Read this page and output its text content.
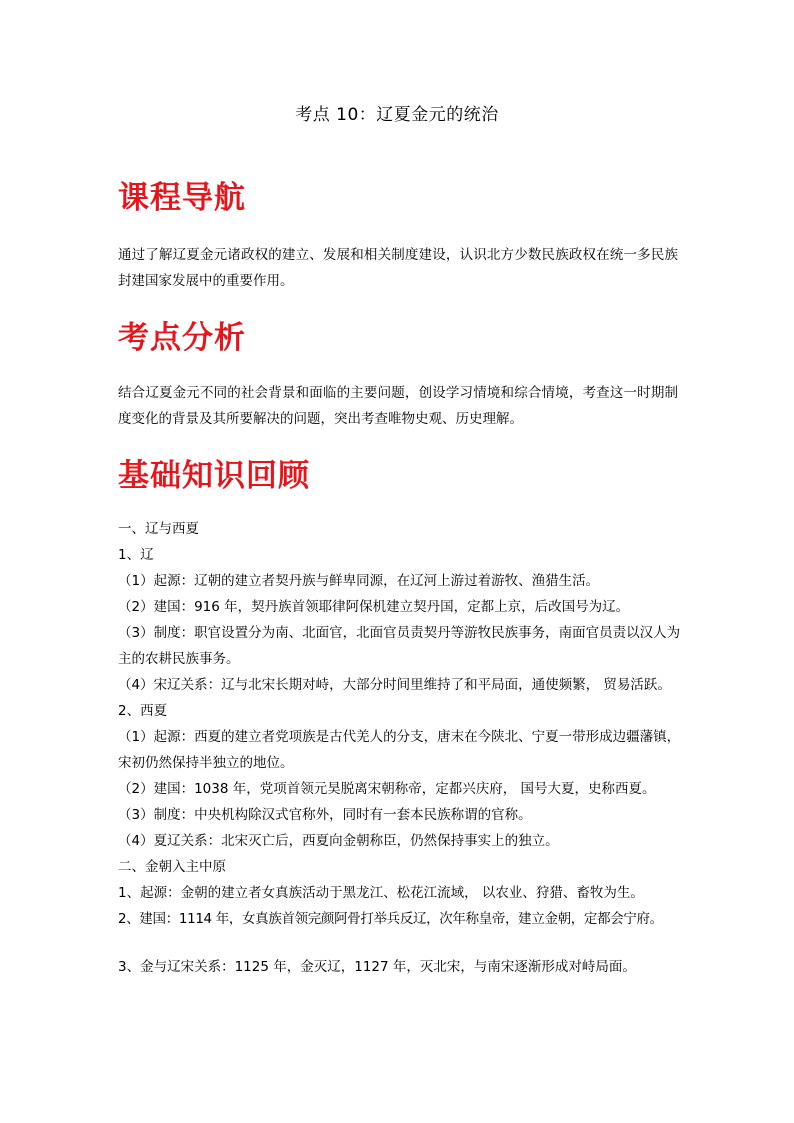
考点 10：辽夏金元的统治
课程导航
通过了解辽夏金元诸政权的建立、发展和相关制度建设，认识北方少数民族政权在统一多民族封建国家发展中的重要作用。
考点分析
结合辽夏金元不同的社会背景和面临的主要问题，创设学习情境和综合情境，考查这一时期制度变化的背景及其所要解决的问题，突出考查唯物史观、历史理解。
基础知识回顾
一、辽与西夏
1、辽
（1）起源：辽朝的建立者契丹族与鲜卑同源，在辽河上游过着游牧、渔猎生活。
（2）建国：916 年，契丹族首领耶律阿保机建立契丹国，定都上京，后改国号为辽。
（3）制度：职官设置分为南、北面官，北面官员责契丹等游牧民族事务，南面官员责以汉人为主的农耕民族事务。
（4）宋辽关系：辽与北宋长期对峙，大部分时间里维持了和平局面，通使频繁， 贸易活跃。
2、西夏
（1）起源：西夏的建立者党项族是古代羌人的分支，唐末在今陕北、宁夏一带形成边疆藩镇，宋初仍然保持半独立的地位。
（2）建国：1038 年，党项首领元昊脱离宋朝称帝，定都兴庆府， 国号大夏，史称西夏。
（3）制度：中央机构除汉式官称外，同时有一套本民族称谓的官称。
（4）夏辽关系：北宋灭亡后，西夏向金朝称臣，仍然保持事实上的独立。
二、金朝入主中原
1、起源：金朝的建立者女真族活动于黑龙江、松花江流域， 以农业、狩猎、畜牧为生。
2、建国：1114 年，女真族首领完颜阿骨打举兵反辽，次年称皇帝，建立金朝，定都会宁府。
3、金与辽宋关系：1125 年，金灭辽，1127 年，灭北宋，与南宋逐渐形成对峙局面。
